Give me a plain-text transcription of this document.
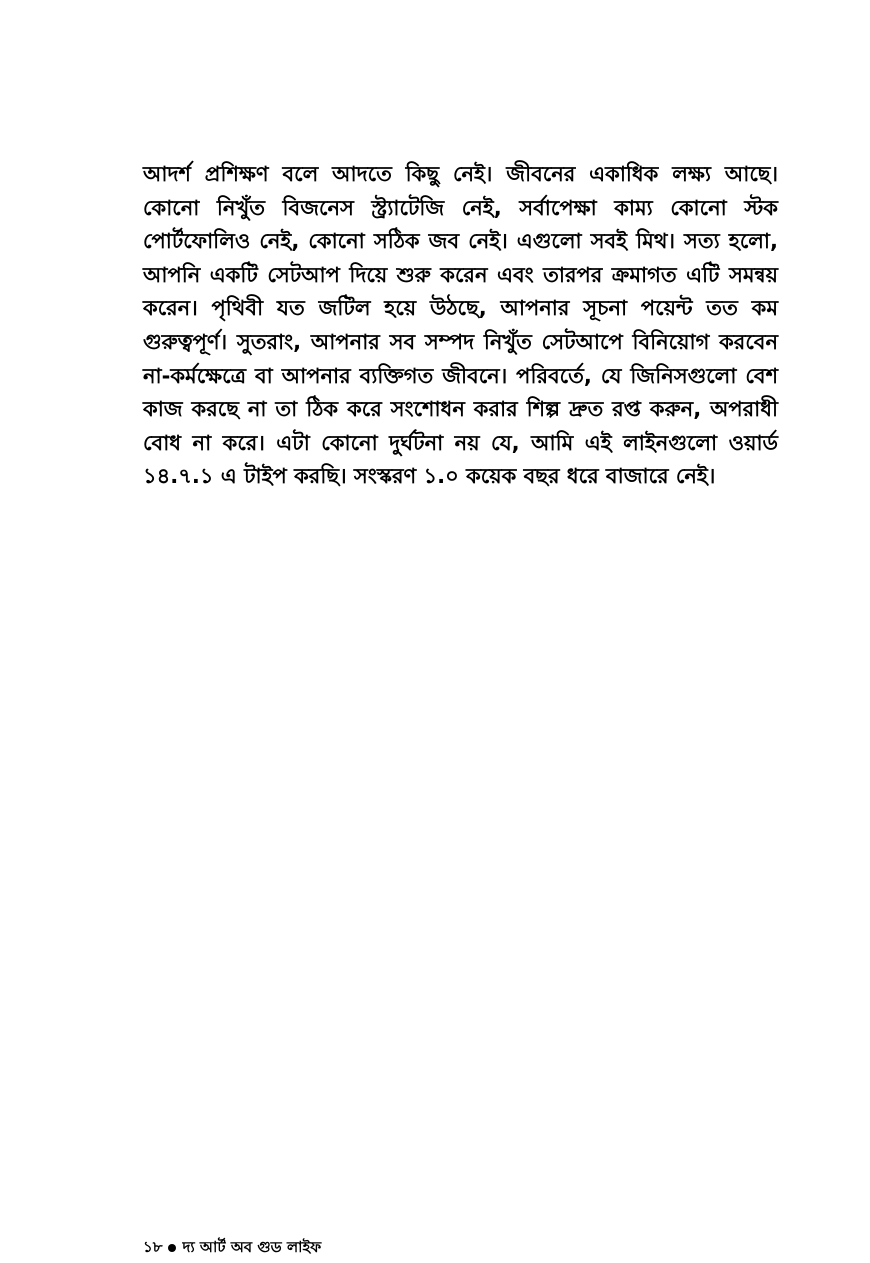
আদর্শ প্রশিক্ষণ বলে আদতে কিছু নেই। জীবনের একাধিক লক্ষ্য আছে। কোনো নিখুঁত বিজনেস স্ট্র্যাটেজি নেই, সর্বাপেক্ষা কাম্য কোনো স্টক পোর্টফোলিও নেই, কোনো সঠিক জব নেই। এগুলো সবই মিথ। সত্য হলো, আপনি একটি সেটআপ দিয়ে শুরু করেন এবং তারপর ক্রমাগত এটি সমন্বয় করেন। পৃথিবী যত জটিল হয়ে উঠছে, আপনার সূচনা পয়েন্ট তত কম গুরুত্বপূর্ণ। সুতরাং, আপনার সব সম্পদ নিখুঁত সেটআপে বিনিয়োগ করবেন না-কর্মক্ষেত্রে বা আপনার ব্যক্তিগত জীবনে। পরিবর্তে, যে জিনিসগুলো বেশ কাজ করছে না তা ঠিক করে সংশোধন করার শিল্প দ্রুত রপ্ত করুন, অপরাধী বোধ না করে। এটা কোনো দুর্ঘটনা নয় যে, আমি এই লাইনগুলো ওয়ার্ড ১৪.৭.১ এ টাইপ করছি। সংস্করণ ১.০ কয়েক বছর ধরে বাজারে নেই।

১৮ দ্য আর্ট অব গুড লাইফ
